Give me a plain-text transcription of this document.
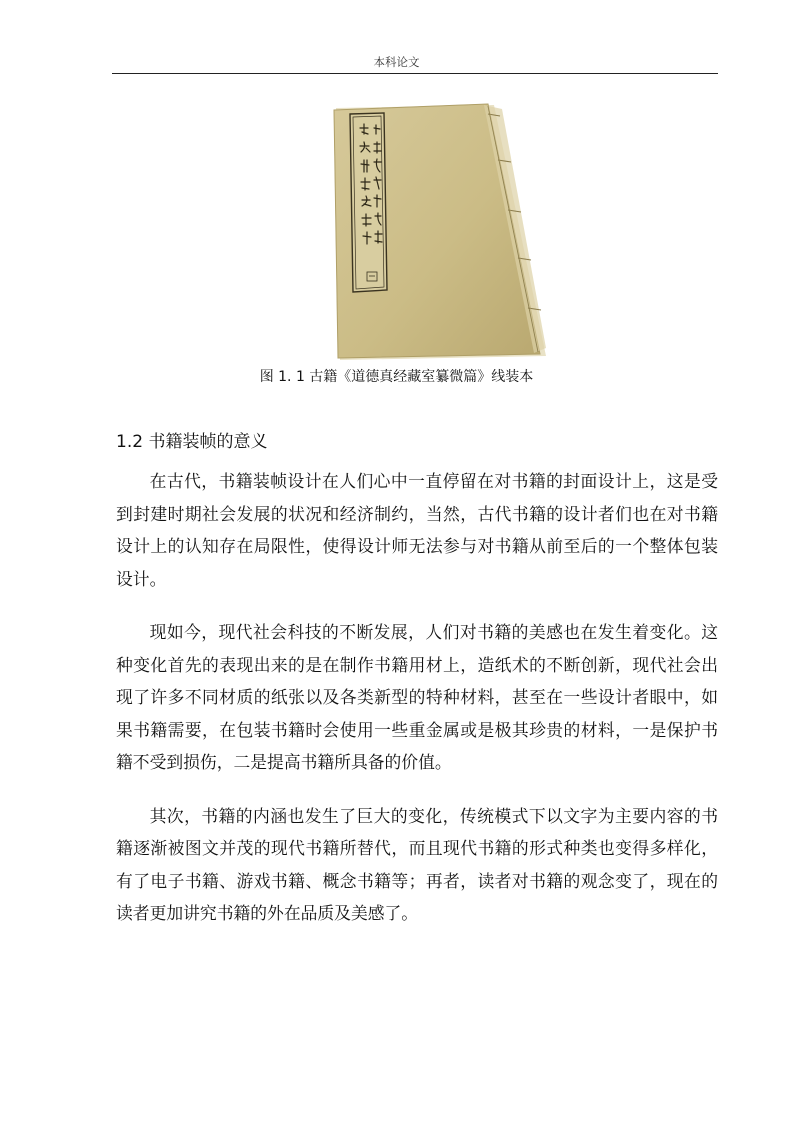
本科论文
图 1. 1 古籍《道德真经藏室纂微篇》线装本
1.2 书籍装帧的意义

在古代，书籍装帧设计在人们心中一直停留在对书籍的封面设计上，这是受到封建时期社会发展的状况和经济制约，当然，古代书籍的设计者们也在对书籍设计上的认知存在局限性，使得设计师无法参与对书籍从前至后的一个整体包装设计。

现如今，现代社会科技的不断发展，人们对书籍的美感也在发生着变化。这种变化首先的表现出来的是在制作书籍用材上，造纸术的不断创新，现代社会出现了许多不同材质的纸张以及各类新型的特种材料，甚至在一些设计者眼中，如果书籍需要，在包装书籍时会使用一些重金属或是极其珍贵的材料，一是保护书籍不受到损伤，二是提高书籍所具备的价值。

其次，书籍的内涵也发生了巨大的变化，传统模式下以文字为主要内容的书籍逐渐被图文并茂的现代书籍所替代，而且现代书籍的形式种类也变得多样化，有了电子书籍、游戏书籍、概念书籍等；再者，读者对书籍的观念变了，现在的读者更加讲究书籍的外在品质及美感了。
